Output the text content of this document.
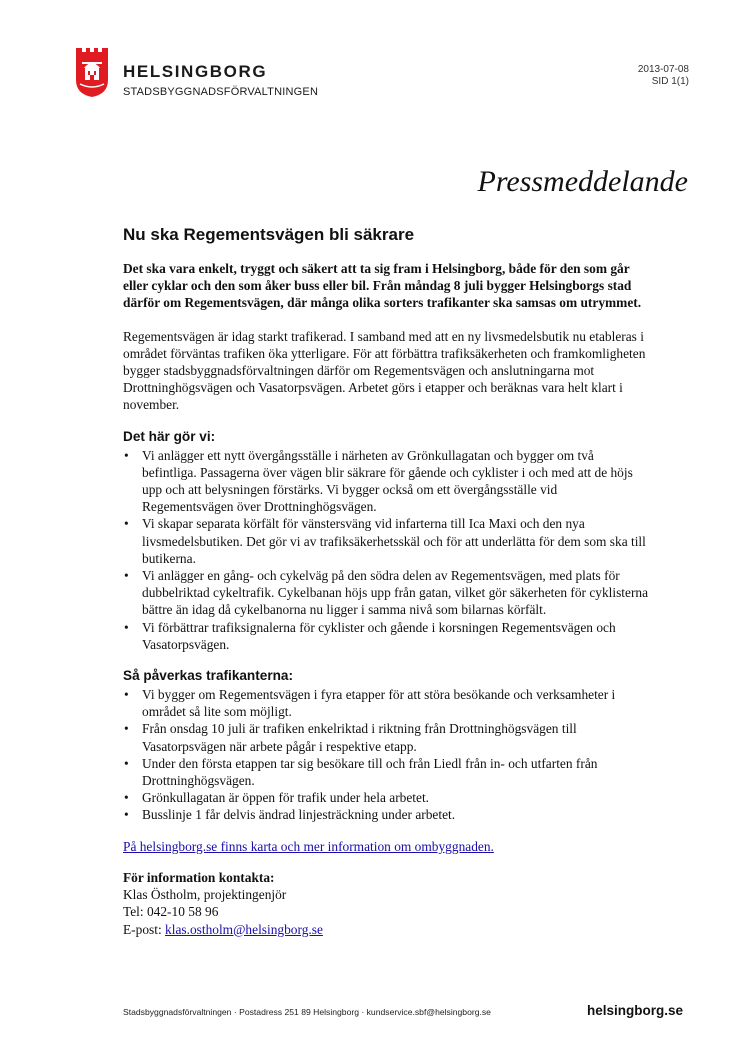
HELSINGBORG
STADSBYGGNADSFÖRVALTNINGEN
2013-07-08
SID 1(1)
Pressmeddelande
Nu ska Regementsvägen bli säkrare

Det ska vara enkelt, tryggt och säkert att ta sig fram i Helsingborg, både för den som går eller cyklar och den som åker buss eller bil. Från måndag 8 juli bygger Helsingborgs stad därför om Regementsvägen, där många olika sorters trafikanter ska samsas om utrymmet.

Regementsvägen är idag starkt trafikerad. I samband med att en ny livsmedelsbutik nu etableras i området förväntas trafiken öka ytterligare. För att förbättra trafiksäkerheten och framkomligheten bygger stadsbyggnadsförvaltningen därför om Regementsvägen och anslutningarna mot Drottninghögsvägen och Vasatorpsvägen. Arbetet görs i etapper och beräknas vara helt klart i november.

Det här gör vi:
• Vi anlägger ett nytt övergångsställe i närheten av Grönkullagatan och bygger om två befintliga. Passagerna över vägen blir säkrare för gående och cyklister i och med att de höjs upp och att belysningen förstärks. Vi bygger också om ett övergångsställe vid Regementsvägen över Drottninghögsvägen.
• Vi skapar separata körfält för vänstersväng vid infarterna till Ica Maxi och den nya livsmedelsbutiken. Det gör vi av trafiksäkerhetsskäl och för att underlätta för dem som ska till butikerna.
• Vi anlägger en gång- och cykelväg på den södra delen av Regementsvägen, med plats för dubbelriktad cykeltrafik. Cykelbanan höjs upp från gatan, vilket gör säkerheten för cyklisterna bättre än idag då cykelbanorna nu ligger i samma nivå som bilarnas körfält.
• Vi förbättrar trafiksignalerna för cyklister och gående i korsningen Regementsvägen och Vasatorpsvägen.
Så påverkas trafikanterna:
• Vi bygger om Regementsvägen i fyra etapper för att störa besökande och verksamheter i området så lite som möjligt.
• Från onsdag 10 juli är trafiken enkelriktad i riktning från Drottninghögsvägen till Vasatorpsvägen när arbete pågår i respektive etapp.
• Under den första etappen tar sig besökare till och från Liedl från in- och utfarten från Drottninghögsvägen.
• Grönkullagatan är öppen för trafik under hela arbetet.
• Busslinje 1 får delvis ändrad linjesträckning under arbetet.

På helsingborg.se finns karta och mer information om ombyggnaden.

För information kontakta:
Klas Östholm, projektingenjör
Tel: 042-10 58 96
E-post: klas.ostholm@helsingborg.se
Stadsbyggnadsförvaltningen · Postadress 251 89 Helsingborg · kundservice.sbf@helsingborg.se	helsingborg.se
